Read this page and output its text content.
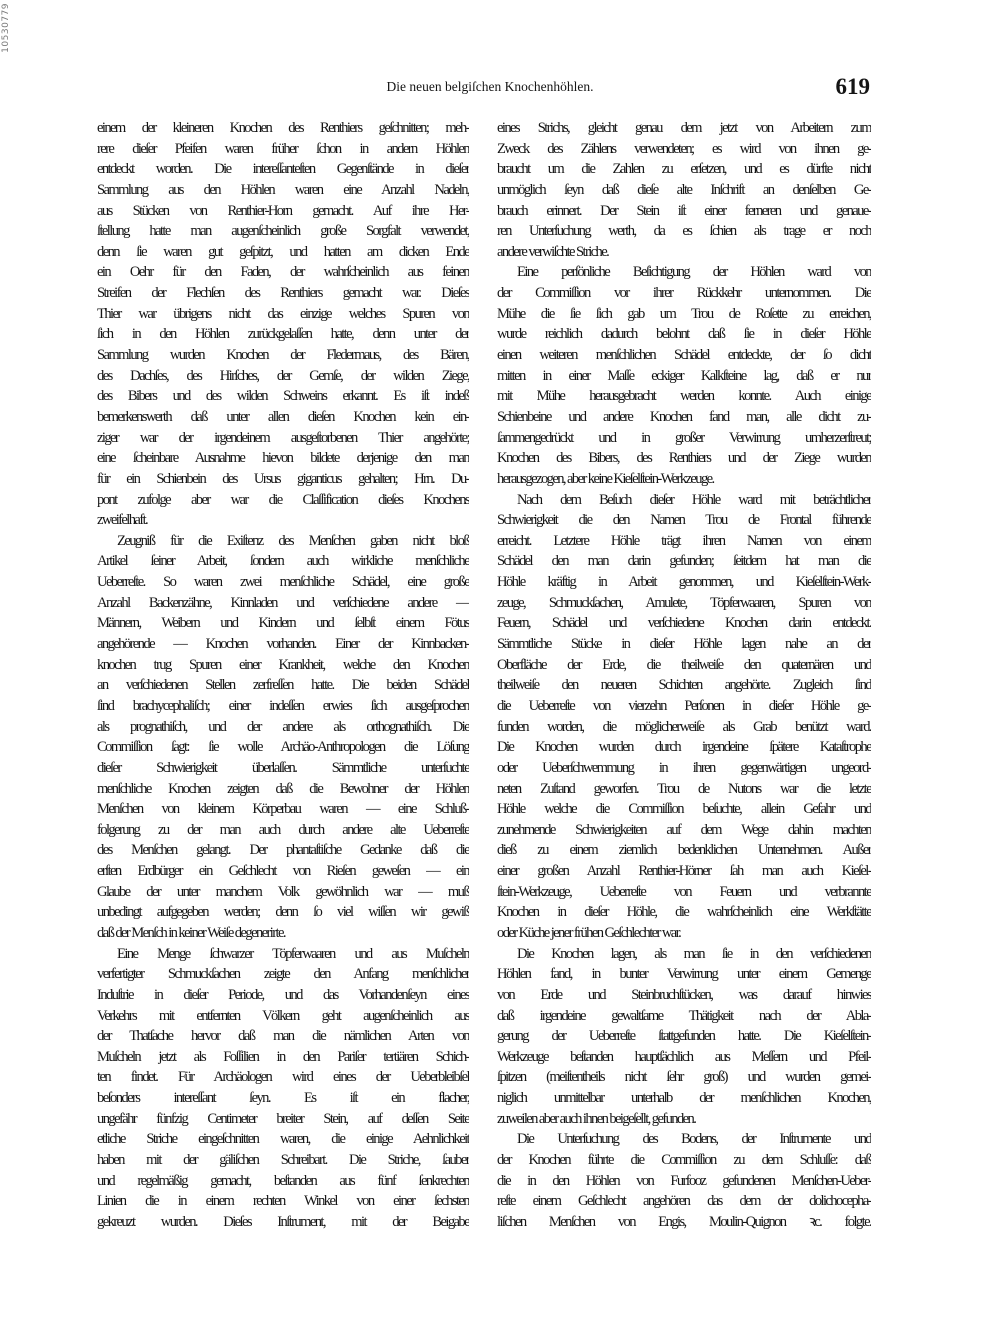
10530779
Die neuen belgiſchen Knochenhöhlen.	619
einem der kleineren Knochen des Renthiers geſchnitten; meh-
rere dieſer Pfeifen waren früher ſchon in andern Höhlen
entdeckt worden. Die intereſſanteſten Gegenſtände in dieſer
Sammlung aus den Höhlen waren eine Anzahl Nadeln,
aus Stücken von Renthier-Horn gemacht. Auf ihre Her-
ſtellung hatte man augenſcheinlich große Sorgfalt verwendet,
denn ſie waren gut geſpitzt, und hatten am dicken Ende
ein Oehr für den Faden, der wahrſcheinlich aus feinen
Streifen der Flechſen des Renthiers gemacht war. Dieſes
Thier war übrigens nicht das einzige welches Spuren von
ſich in den Höhlen zurückgelaſſen hatte, denn unter der
Sammlung wurden Knochen der Fledermaus, des Bären,
des Dachſes, des Hirſches, der Gemſe, der wilden Ziege,
des Bibers und des wilden Schweins erkannt. Es iſt indeß
bemerkenswerth daß unter allen dieſen Knochen kein ein-
ziger war der irgendeinem ausgeſtorbenen Thier angehörte;
eine ſcheinbare Ausnahme hievon bildete derjenige den man
für ein Schienbein des Ursus giganticus gehalten; Hrn. Du-
pont zufolge aber war die Claſſification dieſes Knochens
zweifelhaft.
Zeugniß für die Exiſtenz des Menſchen gaben nicht bloß
Artikel ſeiner Arbeit, ſondern auch wirkliche menſchliche
Ueberreſte. So waren zwei menſchliche Schädel, eine große
Anzahl Backenzähne, Kinnladen und verſchiedene andere —
Männern, Weibern und Kindern und ſelbſt einem Fötus
angehörende — Knochen vorhanden. Einer der Kinnbacken-
knochen trug Spuren einer Krankheit, welche den Knochen
an verſchiedenen Stellen zerfreſſen hatte. Die beiden Schädel
ſind brachycephaliſch; einer indeſſen erwies ſich ausgeſprochen
als prognathiſch, und der andere als orthognathiſch. Die
Commiſſion ſagt: ſie wolle Archäo-Anthropologen die Löſung
dieſer Schwierigkeit überlaſſen. Sämmtliche unterſuchte
menſchliche Knochen zeigten daß die Bewohner der Höhlen
Menſchen von kleinem Körperbau waren — eine Schluß-
folgerung zu der man auch durch andere alte Ueberreſte
des Menſchen gelangt. Der phantaſtiſche Gedanke daß die
erſten Erdbürger ein Geſchlecht von Rieſen geweſen — ein
Glaube der unter manchem Volk gewöhnlich war — muß
unbedingt aufgegeben werden; denn ſo viel wiſſen wir gewiß
daß der Menſch in keiner Weiſe degenerirte.
Eine Menge ſchwarzer Töpferwaaren und aus Muſcheln
verfertigter Schmuckſachen zeigte den Anfang menſchlicher
Induſtrie in dieſer Periode, und das Vorhandenſeyn eines
Verkehrs mit entfernten Völkern geht augenſcheinlich aus
der Thatſache hervor daß man die nämlichen Arten von
Muſcheln jetzt als Foſſilien in den Pariſer tertiären Schich-
ten findet. Für Archäologen wird eines der Ueberbleibſel
beſonders intereſſant ſeyn. Es iſt ein flacher,
ungefähr fünfzig Centimeter breiter Stein, auf deſſen Seite
etliche Striche eingeſchnitten waren, die einige Aehnlichkeit
haben mit der gäliſchen Schreibart. Die Striche, ſauber
und regelmäßig gemacht, beſtanden aus fünf ſenkrechten
Linien die in einem rechten Winkel von einer ſechsten
gekreuzt wurden. Dieſes Inſtrument, mit der Beigabe
eines Strichs, gleicht genau dem jetzt von Arbeitern zum
Zweck des Zählens verwendeten; es wird von ihnen ge-
braucht um die Zahlen zu erſetzen, und es dürfte nicht
unmöglich ſeyn daß dieſe alte Inſchrift an denſelben Ge-
brauch erinnert. Der Stein iſt einer ferneren und genaue-
ren Unterſuchung werth, da es ſchien als trage er noch
andere verwiſchte Striche.
Eine perſönliche Beſichtigung der Höhlen ward von
der Commiſſion vor ihrer Rückkehr unternommen. Die
Mühe die ſie ſich gab um Trou de Roſette zu erreichen,
wurde reichlich dadurch belohnt daß ſie in dieſer Höhle
einen weiteren menſchlichen Schädel entdeckte, der ſo dicht
mitten in einer Maſſe eckiger Kalkſteine lag, daß er nur
mit Mühe herausgebracht werden konnte. Auch einige
Schienbeine und andere Knochen fand man, alle dicht zu-
ſammengedrückt und in großer Verwirrung umherzerſtreut;
Knochen des Bibers, des Renthiers und der Ziege wurden
herausgezogen, aber keine Kieſelſtein-Werkzeuge.
Nach dem Beſuch dieſer Höhle ward mit beträchtlicher
Schwierigkeit die den Namen Trou de Frontal führende
erreicht. Letztere Höhle trägt ihren Namen von einem
Schädel den man darin gefunden; ſeitdem hat man die
Höhle kräftig in Arbeit genommen, und Kieſelſtein-Werk-
zeuge, Schmuckſachen, Amulete, Töpferwaaren, Spuren von
Feuern, Schädel und verſchiedene Knochen darin entdeckt.
Sämmtliche Stücke in dieſer Höhle lagen nahe an der
Oberfläche der Erde, die theilweiſe den quaternären und
theilweiſe den neueren Schichten angehörte. Zugleich ſind
die Ueberreſte von vierzehn Perſonen in dieſer Höhle ge-
funden worden, die möglicherweiſe als Grab benützt ward.
Die Knochen wurden durch irgendeine ſpätere Kataſtrophe
oder Ueberſchwemmung in ihren gegenwärtigen ungeord-
neten Zuſtand geworfen. Trou de Nutons war die letzte
Höhle welche die Commiſſion beſuchte, allein Gefahr und
zunehmende Schwierigkeiten auf dem Wege dahin machten
dieß zu einem ziemlich bedenklichen Unternehmen. Außer
einer großen Anzahl Renthier-Hörner ſah man auch Kieſel-
ſtein-Werkzeuge, Ueberreſte von Feuern und verbrannte
Knochen in dieſer Höhle, die wahrſcheinlich eine Werkſtätte
oder Küche jener frühen Geſchlechter war.
Die Knochen lagen, als man ſie in den verſchiedenen
Höhlen fand, in bunter Verwirrung unter einem Gemenge
von Erde und Steinbruchſtücken, was darauf hinwies
daß irgendeine gewaltſame Thätigkeit nach der Abla-
gerung der Ueberreſte ſtattgefunden hatte. Die Kieſelſtein-
Werkzeuge beſtanden hauptſächlich aus Meſſern und Pfeil-
ſpitzen (meiſtentheils nicht ſehr groß) und wurden gemei-
niglich unmittelbar unterhalb der menſchlichen Knochen,
zuweilen aber auch ihnen beigeſellt, gefunden.
Die Unterſuchung des Bodens, der Inſtrumente und
der Knochen führte die Commiſſion zu dem Schluſſe: daß
die in den Höhlen von Furfooz gefundenen Menſchen-Ueber-
reſte einem Geſchlecht angehören das dem der dolichocepha-
liſchen Menſchen von Engis, Moulin-Quignon ꝛc. folgte.
